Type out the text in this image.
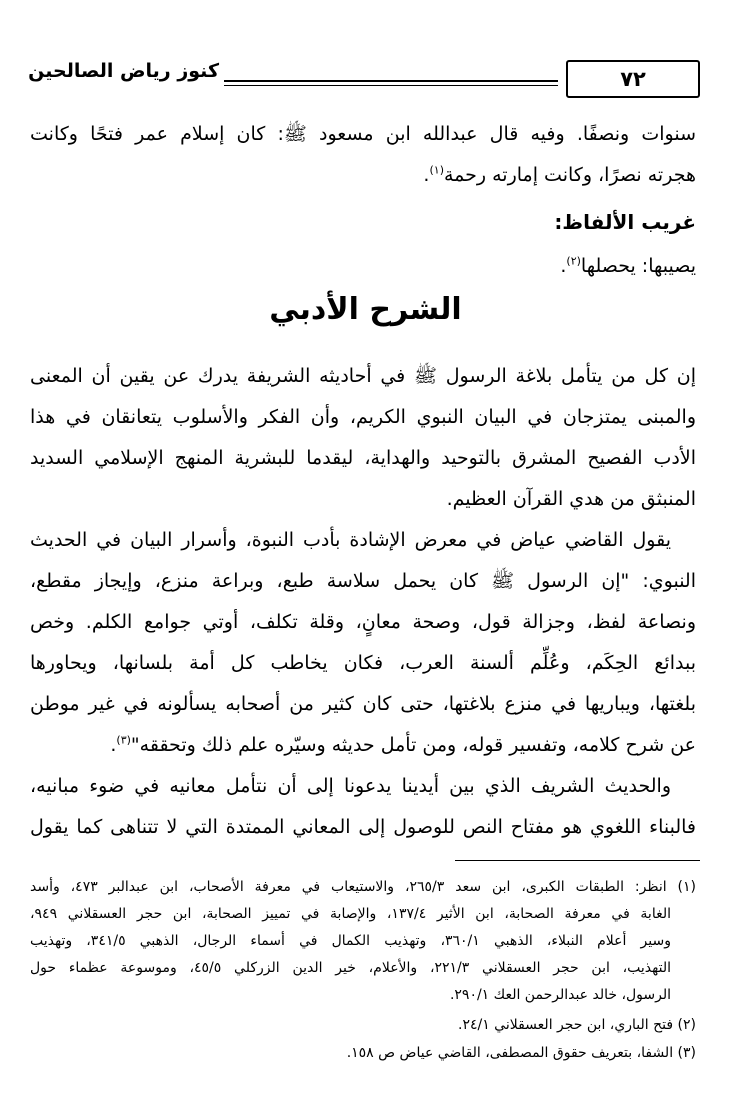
٧٢
كنوز رياض الصالحين
سنوات ونصفًا. وفيه قال عبدالله ابن مسعود ﷺ: كان إسلام عمر فتحًا وكانت
هجرته نصرًا، وكانت إمارته رحمة$^{(١)}$.
غريب الألفاظ:
يصيبها: يحصلها$^{(٢)}$.
الشرح الأدبي
إن كل من يتأمل بلاغة الرسول ﷺ في أحاديثه الشريفة يدرك عن يقين أن المعنى
والمبنى يمتزجان في البيان النبوي الكريم، وأن الفكر والأسلوب يتعانقان في هذا
الأدب الفصيح المشرق بالتوحيد والهداية، ليقدما للبشرية المنهج الإسلامي السديد
المنبثق من هدي القرآن العظيم.
يقول القاضي عياض في معرض الإشادة بأدب النبوة، وأسرار البيان في الحديث
النبوي: "إن الرسول ﷺ كان يحمل سلاسة طبع، وبراعة منزع، وإيجاز مقطع،
ونصاعة لفظ، وجزالة قول، وصحة معانٍ، وقلة تكلف، أوتي جوامع الكلم. وخص
ببدائع الحِكَم، وعُلِّم ألسنة العرب، فكان يخاطب كل أمة بلسانها، ويحاورها
بلغتها، ويباريها في منزع بلاغتها، حتى كان كثير من أصحابه يسألونه في غير موطن
عن شرح كلامه، وتفسير قوله، ومن تأمل حديثه وسيّره علم ذلك وتحققه"$^{(٣)}$.
والحديث الشريف الذي بين أيدينا يدعونا إلى أن نتأمل معانيه في ضوء مبانيه،
فالبناء اللغوي هو مفتاح النص للوصول إلى المعاني الممتدة التي لا تتناهى كما يقول
(١) انظر: الطبقات الكبرى، ابن سعد ٢٦٥/٣، والاستيعاب في معرفة الأصحاب، ابن عبدالبر ٤٧٣، وأسد
الغابة في معرفة الصحابة، ابن الأثير ١٣٧/٤، والإصابة في تمييز الصحابة، ابن حجر العسقلاني ٩٤٩،
وسير أعلام النبلاء، الذهبي ٣٦٠/١، وتهذيب الكمال في أسماء الرجال، الذهبي ٣٤١/٥، وتهذيب
التهذيب، ابن حجر العسقلاني ٢٢١/٣، والأعلام، خير الدين الزركلي ٤٥/٥، وموسوعة عظماء حول
الرسول، خالد عبدالرحمن العك ٢٩٠/١.
(٢) فتح الباري، ابن حجر العسقلاني ٢٤/١.
(٣) الشفا، بتعريف حقوق المصطفى، القاضي عياض ص ١٥٨.
